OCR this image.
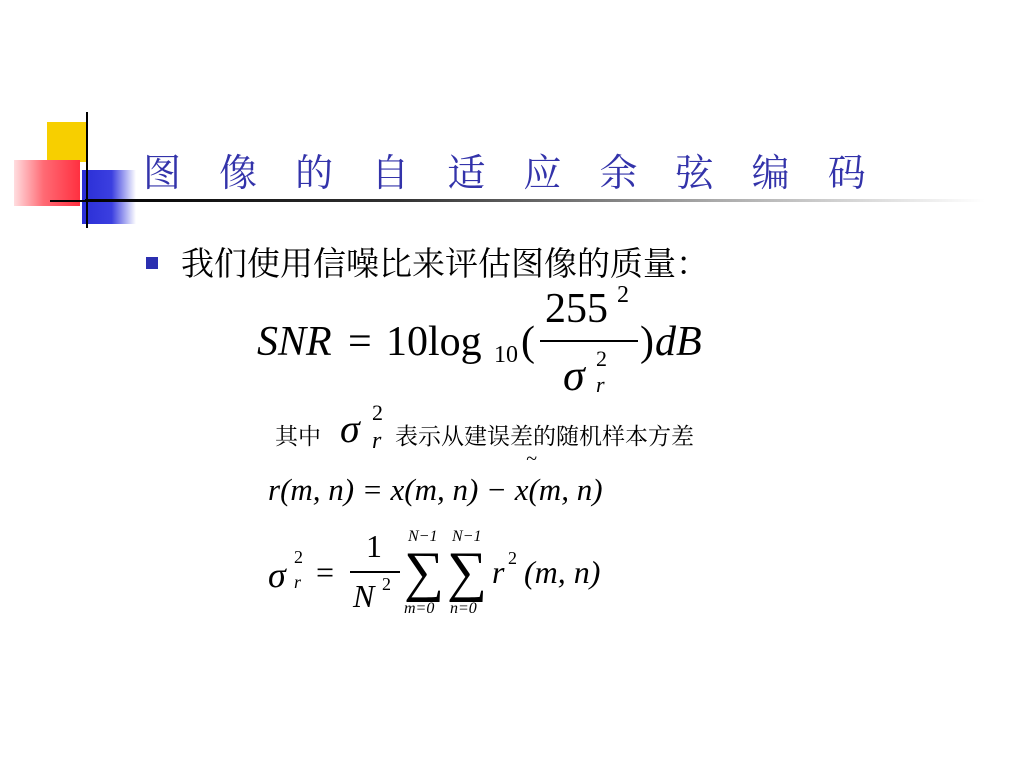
图 像 的 自 适 应 余 弦 编 码
我们使用信噪比来评估图像的质量：
SNR = 10log 10 (
255 2
σ 2
r
) dB
其中 σ 2
r 表示从建误差的随机样本方差
~
r(m, n) = x(m, n) − x(m, n)
σ 2
r =
1
N 2
N−1
∑
m=0
N−1
∑
n=0
r 2 (m, n)
